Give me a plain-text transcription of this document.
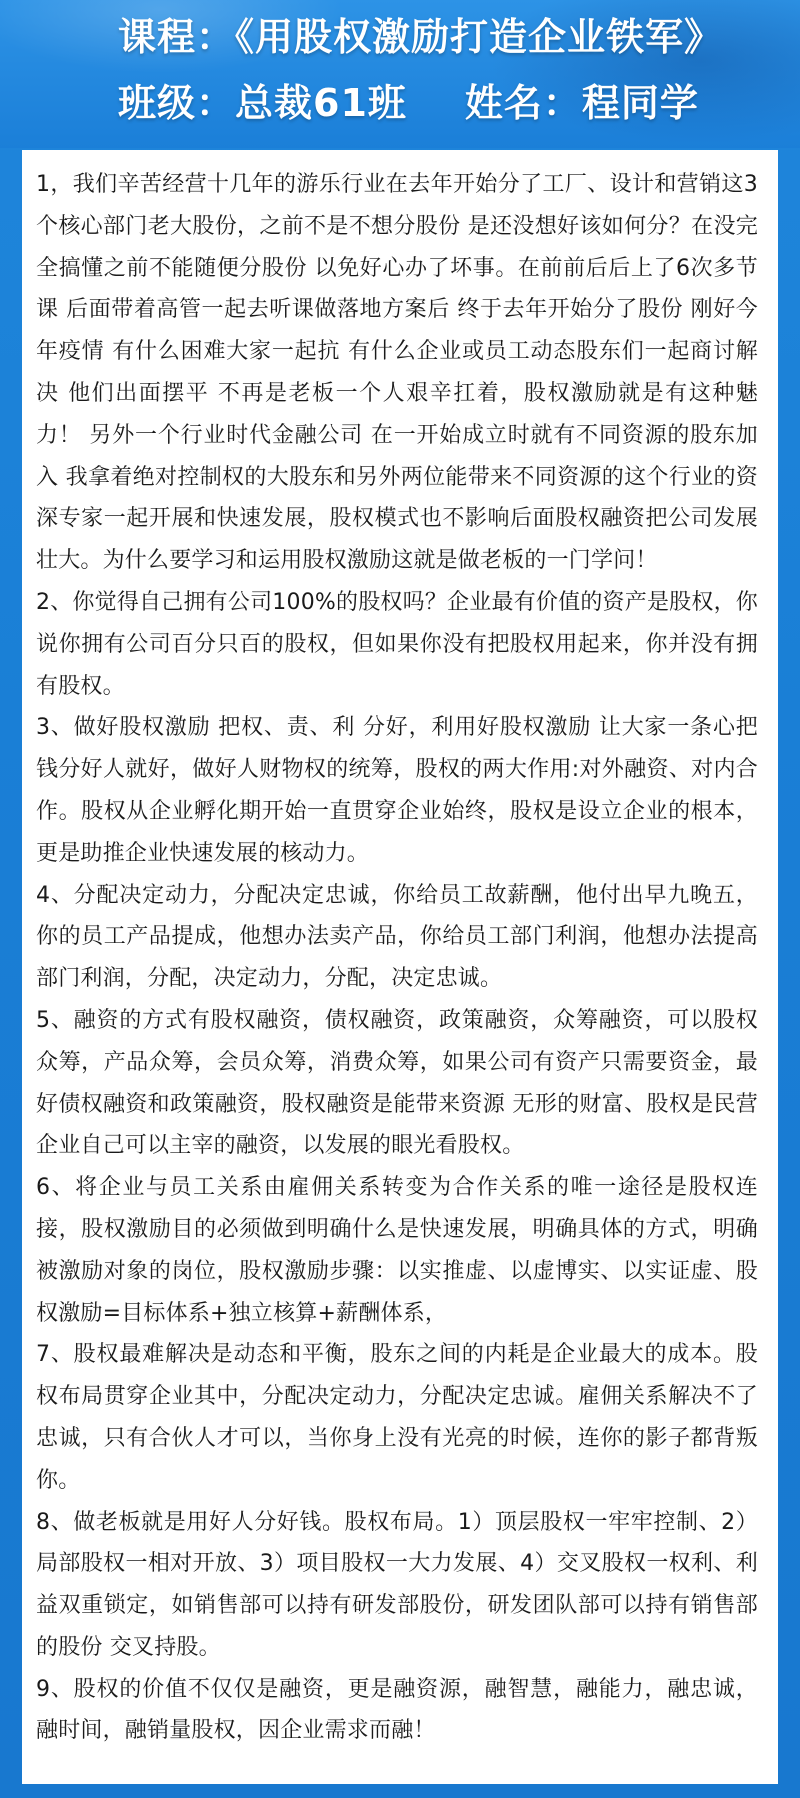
课程：《用股权激励打造企业铁军》
班级：总裁61班 姓名：程同学

1，我们辛苦经营十几年的游乐行业在去年开始分了工厂、设计和营销这3个核心部门老大股份，之前不是不想分股份 是还没想好该如何分？在没完全搞懂之前不能随便分股份 以免好心办了坏事。在前前后后上了6次多节课 后面带着高管一起去听课做落地方案后 终于去年开始分了股份 刚好今年疫情 有什么困难大家一起抗 有什么企业或员工动态股东们一起商讨解决 他们出面摆平 不再是老板一个人艰辛扛着，股权激励就是有这种魅力！ 另外一个行业时代金融公司 在一开始成立时就有不同资源的股东加入 我拿着绝对控制权的大股东和另外两位能带来不同资源的这个行业的资深专家一起开展和快速发展，股权模式也不影响后面股权融资把公司发展壮大。为什么要学习和运用股权激励这就是做老板的一门学问！

2、你觉得自己拥有公司100%的股权吗？企业最有价值的资产是股权，你说你拥有公司百分只百的股权，但如果你没有把股权用起来，你并没有拥有股权。

3、做好股权激励 把权、责、利 分好，利用好股权激励 让大家一条心把钱分好人就好，做好人财物权的统筹，股权的两大作用:对外融资、对内合作。股权从企业孵化期开始一直贯穿企业始终，股权是设立企业的根本，更是助推企业快速发展的核动力。

4、分配决定动力，分配决定忠诚，你给员工故薪酬，他付出早九晚五，你的员工产品提成，他想办法卖产品，你给员工部门利润，他想办法提高部门利润，分配，决定动力，分配，决定忠诚。

5、融资的方式有股权融资，债权融资，政策融资，众筹融资，可以股权众筹，产品众筹，会员众筹，消费众筹，如果公司有资产只需要资金，最好债权融资和政策融资，股权融资是能带来资源 无形的财富、股权是民营企业自己可以主宰的融资，以发展的眼光看股权。

6、将企业与员工关系由雇佣关系转变为合作关系的唯一途径是股权连接，股权激励目的必须做到明确什么是快速发展，明确具体的方式，明确被激励对象的岗位，股权激励步骤：以实推虚、以虚博实、以实证虚、股权激励=目标体系+独立核算+薪酬体系，

7、股权最难解决是动态和平衡，股东之间的内耗是企业最大的成本。股权布局贯穿企业其中，分配决定动力，分配决定忠诚。雇佣关系解决不了忠诚，只有合伙人才可以，当你身上没有光亮的时候，连你的影子都背叛你。

8、做老板就是用好人分好钱。股权布局。1）顶层股权一牢牢控制、2）局部股权一相对开放、3）项目股权一大力发展、4）交叉股权一权利、利益双重锁定，如销售部可以持有研发部股份，研发团队部可以持有销售部的股份 交叉持股。

9、股权的价值不仅仅是融资，更是融资源，融智慧，融能力，融忠诚，融时间，融销量股权，因企业需求而融！
